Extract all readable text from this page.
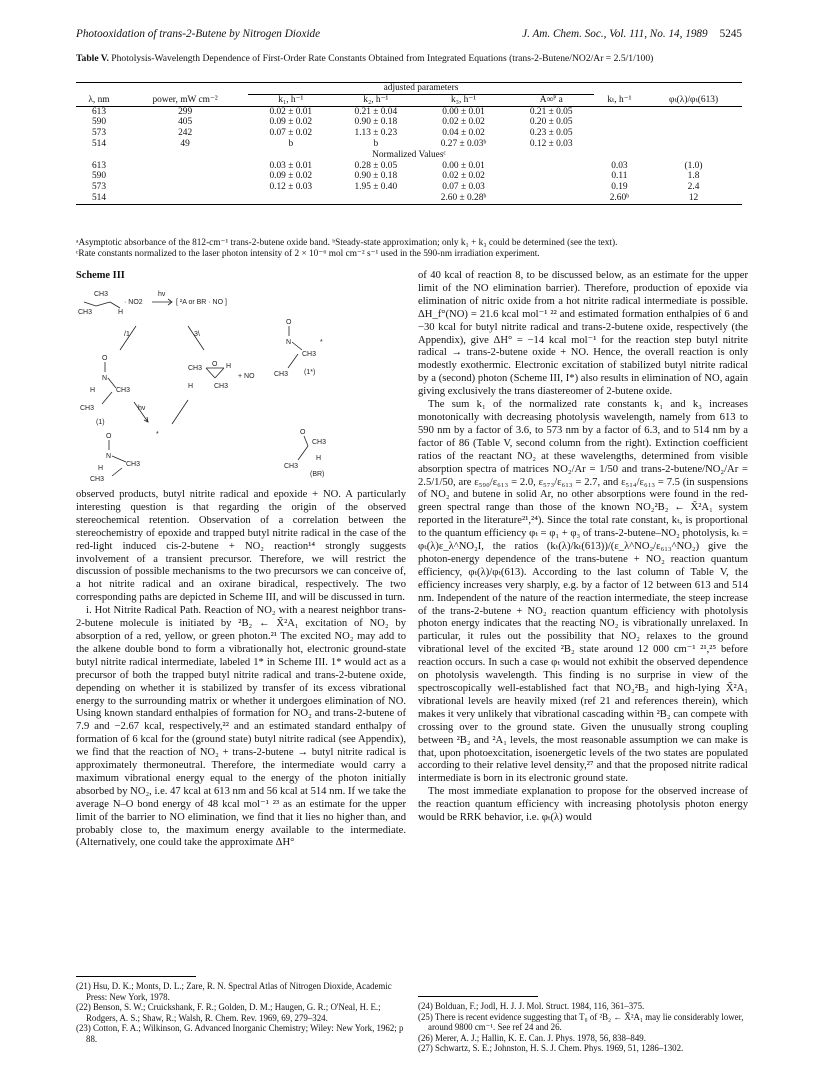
Photooxidation of trans-2-Butene by Nitrogen Dioxide	J. Am. Chem. Soc., Vol. 111, No. 14, 1989 5245
Table V. Photolysis-Wavelength Dependence of First-Order Rate Constants Obtained from Integrated Equations (trans-2-Butene/NO2/Ar = 2.5/1/100)
		adjusted parameters					
λ, nm	power, mW cm⁻²	k₁, h⁻¹	k₂, h⁻¹	k₃, h⁻¹	A∞ᴾ a	kₜ, h⁻¹	φₜ(λ)/φₜ(613)
613	299	0.02 ± 0.01	0.21 ± 0.04	0.00 ± 0.01	0.21 ± 0.05		
590	405	0.09 ± 0.02	0.90 ± 0.18	0.02 ± 0.02	0.20 ± 0.05		
573	242	0.07 ± 0.02	1.13 ± 0.23	0.04 ± 0.02	0.23 ± 0.05		
514	49	b	b	0.27 ± 0.03ᵇ	0.12 ± 0.03		
Normalized Valuesᶜ							
613		0.03 ± 0.01	0.28 ± 0.05	0.00 ± 0.01		0.03	(1.0)
590		0.09 ± 0.02	0.90 ± 0.18	0.02 ± 0.02		0.11	1.8
573		0.12 ± 0.03	1.95 ± 0.40	0.07 ± 0.03		0.19	2.4
514				2.60 ± 0.28ᵇ		2.60ᵇ	12
ᵃAsymptotic absorbance of the 812-cm⁻¹ trans-2-butene oxide band. ᵇSteady-state approximation; only k₁ + k₃ could be determined (see the text).
ᶜRate constants normalized to the laser photon intensity of 2 × 10⁻⁶ mol cm⁻² s⁻¹ used in the 590-nm irradiation experiment.
Scheme III
CH3
CH3	H
· NO2
hν
[ ²A or BR · NO ]
O
N
CH3
CH3 (1*)
*
/1	3\
O
N
CH3
H
CH3
(1)
CH3
O H
H	CH3
+ NO
hν
*
O
N
CH3
H
CH3
O
CH3
CH3
H
(BR)

observed products, butyl nitrite radical and epoxide + NO. A particularly interesting question is that regarding the origin of the observed stereochemical retention. Observation of a correlation between the stereochemistry of epoxide and trapped butyl nitrite radical in the case of the red-light induced cis-2-butene + NO₂ reaction¹⁴ strongly suggests involvement of a transient precursor. Therefore, we will restrict the discussion of possible mechanisms to the two precursors we can conceive of, a hot nitrite radical and an oxirane biradical, respectively. The two corresponding paths are depicted in Scheme III, and will be discussed in turn.

i. Hot Nitrite Radical Path. Reaction of NO₂ with a nearest neighbor trans-2-butene molecule is initiated by ²B₂ ← X̃²A₁ excitation of NO₂ by absorption of a red, yellow, or green photon.²¹ The excited NO₂ may add to the alkene double bond to form a vibrationally hot, electronic ground-state butyl nitrite radical intermediate, labeled 1* in Scheme III. 1* would act as a precursor of both the trapped butyl nitrite radical and trans-2-butene oxide, depending on whether it is stabilized by transfer of its excess vibrational energy to the surrounding matrix or whether it undergoes elimination of NO. Using known standard enthalpies of formation for NO₂ and trans-2-butene of 7.9 and −2.67 kcal, respectively,²² and an estimated standard enthalpy of formation of 6 kcal for the (ground state) butyl nitrite radical (see Appendix), we find that the reaction of NO₂ + trans-2-butene → butyl nitrite radical is approximately thermoneutral. Therefore, the intermediate would carry a maximum vibrational energy equal to the energy of the photon initially absorbed by NO₂, i.e. 47 kcal at 613 nm and 56 kcal at 514 nm. If we take the average N–O bond energy of 48 kcal mol⁻¹ ²³ as an estimate for the upper limit of the barrier to NO elimination, we find that it lies no higher than, and probably close to, the maximum energy available to the intermediate. (Alternatively, one could take the approximate ΔH°

of 40 kcal of reaction 8, to be discussed below, as an estimate for the upper limit of the NO elimination barrier). Therefore, production of epoxide via elimination of nitric oxide from a hot nitrite radical intermediate is possible. ΔH_f°(NO) = 21.6 kcal mol⁻¹ ²² and estimated formation enthalpies of 6 and −30 kcal for butyl nitrite radical and trans-2-butene oxide, respectively (the Appendix), give ΔH° = −14 kcal mol⁻¹ for the reaction step butyl nitrite radical → trans-2-butene oxide + NO. Hence, the overall reaction is only modestly exothermic. Electronic excitation of stabilized butyl nitrite radical by a (second) photon (Scheme III, I*) also results in elimination of NO, again giving exclusively the trans diastereomer of 2-butene oxide.

The sum k₁ of the normalized rate constants k₁ and k₃ increases monotonically with decreasing photolysis wavelength, namely from 613 to 590 nm by a factor of 3.6, to 573 nm by a factor of 6.3, and to 514 nm by a factor of 86 (Table V, second column from the right). Extinction coefficient ratios of the reactant NO₂ at these wavelengths, determined from visible absorption spectra of matrices NO₂/Ar = 1/50 and trans-2-butene/NO₂/Ar = 2.5/1/50, are ε₅₉₀/ε₆₁₃ = 2.0, ε₅₇₃/ε₆₁₃ = 2.7, and ε₅₁₄/ε₆₁₃ = 7.5 (in suspensions of NO₂ and butene in solid Ar, no other absorptions were found in the red-green spectral range than those of the known NO₂²B₂ ← X̃²A₁ system reported in the literature²¹,²⁴). Since the total rate constant, kₜ, is proportional to the quantum efficiency φₜ = φ₁ + φ₃ of trans-2-butene–NO₂ photolysis, kₜ = φₜ(λ)ε_λ^NO₂I, the ratios (kₜ(λ)/kₜ(613))/(ε_λ^NO₂/ε₆₁₃^NO₂) give the photon-energy dependence of the trans-butene + NO₂ reaction quantum efficiency, φₜ(λ)/φₜ(613). According to the last column of Table V, the efficiency increases very sharply, e.g. by a factor of 12 between 613 and 514 nm. Independent of the nature of the reaction intermediate, the steep increase of the trans-2-butene + NO₂ reaction quantum efficiency with photolysis photon energy indicates that the reacting NO₂ is vibrationally unrelaxed. In particular, it rules out the possibility that NO₂ relaxes to the ground vibrational level of the excited ²B₂ state around 12 000 cm⁻¹ ²¹,²⁵ before reaction occurs. In such a case φₜ would not exhibit the observed dependence on photolysis wavelength. This finding is no surprise in view of the spectroscopically well-established fact that NO₂²B₂ and high-lying X̃²A₁ vibrational levels are heavily mixed (ref 21 and references therein), which makes it very unlikely that vibrational cascading within ²B₂ can compete with crossing over to the ground state. Given the unusually strong coupling between ²B₂ and ²A₁ levels, the most reasonable assumption we can make is that, upon photoexcitation, isoenergetic levels of the two states are populated according to their relative level density,²⁷ and that the proposed nitrite radical intermediate is born in its electronic ground state.

The most immediate explanation to propose for the observed increase of the reaction quantum efficiency with increasing photolysis photon energy would be RRK behavior, i.e. φₜ(λ) would

(21) Hsu, D. K.; Monts, D. L.; Zare, R. N. Spectral Atlas of Nitrogen Dioxide, Academic Press: New York, 1978.
(22) Benson, S. W.; Cruickshank, F. R.; Golden, D. M.; Haugen, G. R.; O'Neal, H. E.; Rodgers, A. S.; Shaw, R.; Walsh, R. Chem. Rev. 1969, 69, 279–324.
(23) Cotton, F. A.; Wilkinson, G. Advanced Inorganic Chemistry; Wiley: New York, 1962; p 88.
(24) Bolduan, F.; Jodl, H. J. J. Mol. Struct. 1984, 116, 361–375.
(25) There is recent evidence suggesting that T₀ of ²B₂ ← X̃²A₁ may lie considerably lower, around 9800 cm⁻¹. See ref 24 and 26.
(26) Merer, A. J.; Hallin, K. E. Can. J. Phys. 1978, 56, 838–849.
(27) Schwartz, S. E.; Johnston, H. S. J. Chem. Phys. 1969, 51, 1286–1302.
